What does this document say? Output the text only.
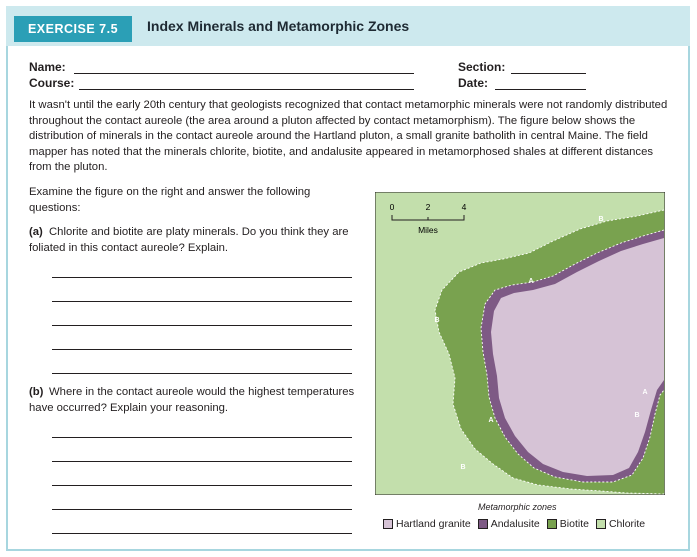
EXERCISE 7.5	Index Minerals and Metamorphic Zones
Name:
Course:
Section:
Date:
It wasn't until the early 20th century that geologists recognized that contact metamorphic minerals were not randomly distributed throughout the contact aureole (the area around a pluton affected by contact metamorphism). The figure below shows the distribution of minerals in the contact aureole around the Hartland pluton, a small granite batholith in central Maine. The field mapper has noted that the minerals chlorite, biotite, and andalusite appeared in metamorphosed shales at different distances from the pluton.
Examine the figure on the right and answer the following questions:
(a) Chlorite and biotite are platy minerals. Do you think they are foliated in this contact aureole? Explain.
(b) Where in the contact aureole would the highest temperatures have occurred? Explain your reasoning.
0	2	4
Miles
B
A
B
A
B
A
B
Metamorphic zones
Hartland granite Andalusite Biotite Chlorite
